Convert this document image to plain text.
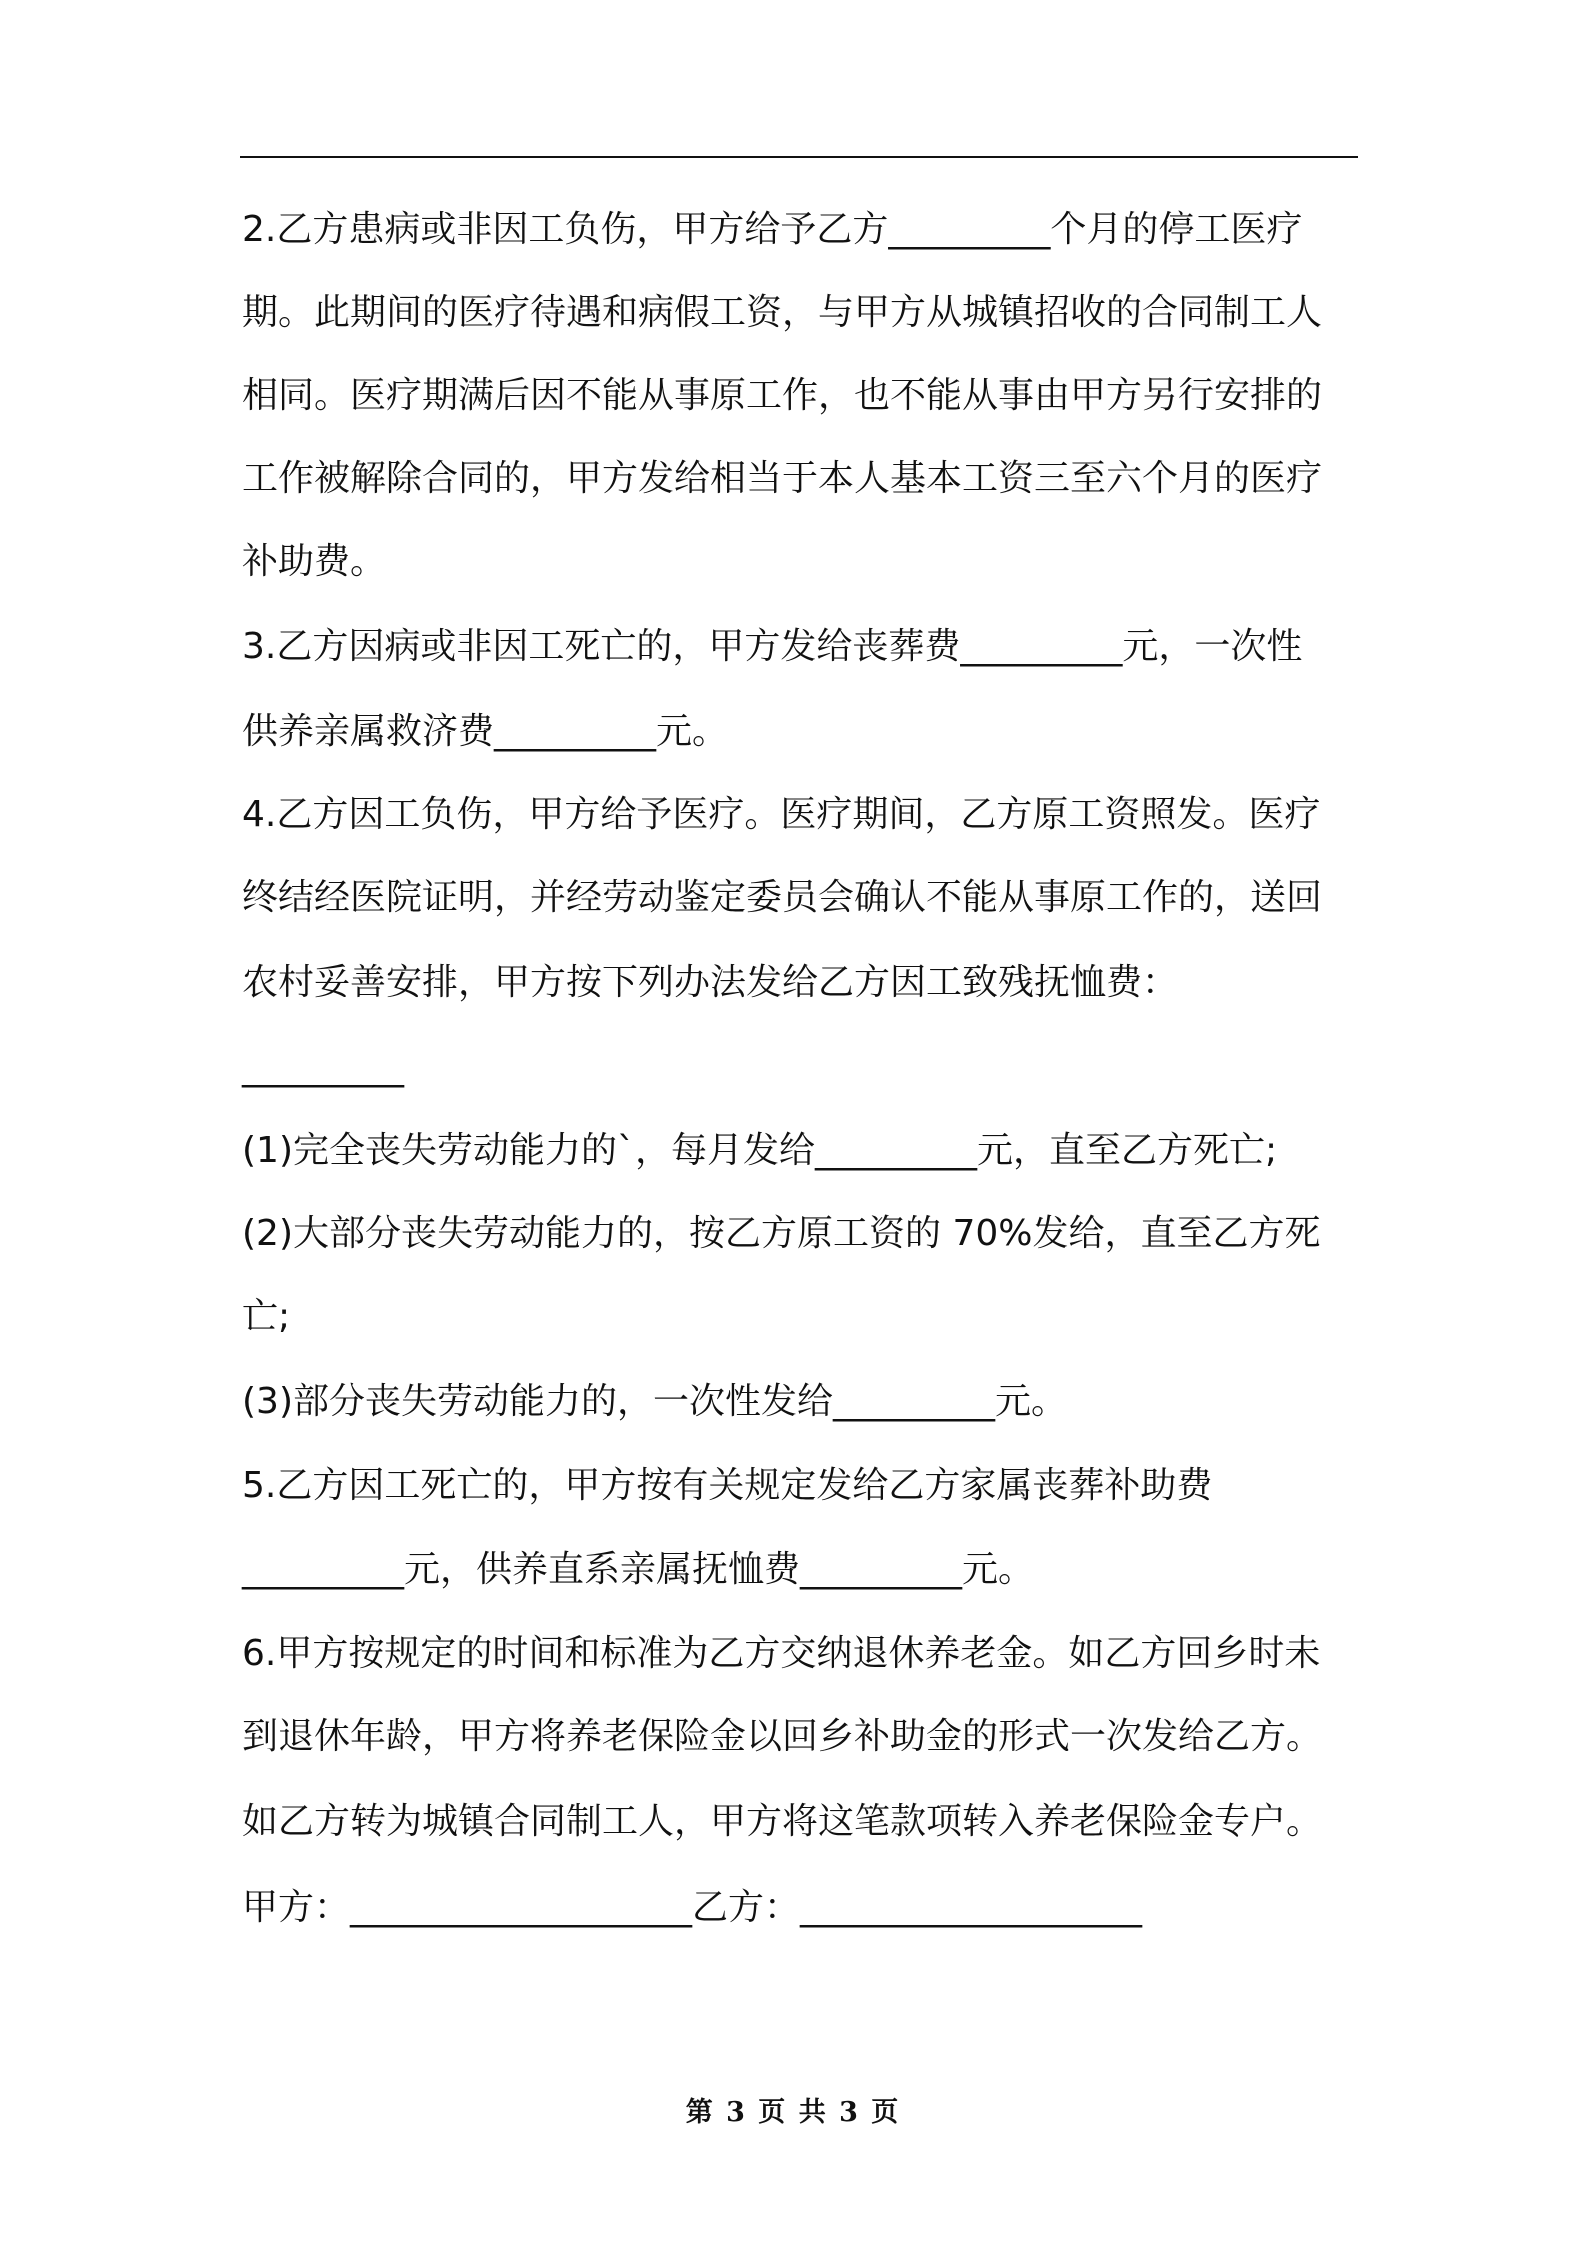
2.乙方患病或非因工负伤，甲方给予乙方_________个月的停工医疗
期。此期间的医疗待遇和病假工资，与甲方从城镇招收的合同制工人
相同。医疗期满后因不能从事原工作，也不能从事由甲方另行安排的
工作被解除合同的，甲方发给相当于本人基本工资三至六个月的医疗
补助费。
3.乙方因病或非因工死亡的，甲方发给丧葬费_________元，一次性
供养亲属救济费_________元。
4.乙方因工负伤，甲方给予医疗。医疗期间，乙方原工资照发。医疗
终结经医院证明，并经劳动鉴定委员会确认不能从事原工作的，送回
农村妥善安排，甲方按下列办法发给乙方因工致残抚恤费：
_________
(1)完全丧失劳动能力的`，每月发给_________元，直至乙方死亡;
(2)大部分丧失劳动能力的，按乙方原工资的 70%发给，直至乙方死
亡;
(3)部分丧失劳动能力的，一次性发给_________元。
5.乙方因工死亡的，甲方按有关规定发给乙方家属丧葬补助费
_________元，供养直系亲属抚恤费_________元。
6.甲方按规定的时间和标准为乙方交纳退休养老金。如乙方回乡时未
到退休年龄，甲方将养老保险金以回乡补助金的形式一次发给乙方。
如乙方转为城镇合同制工人，甲方将这笔款项转入养老保险金专户。
甲方：___________________乙方：___________________
第 3 页 共 3 页
